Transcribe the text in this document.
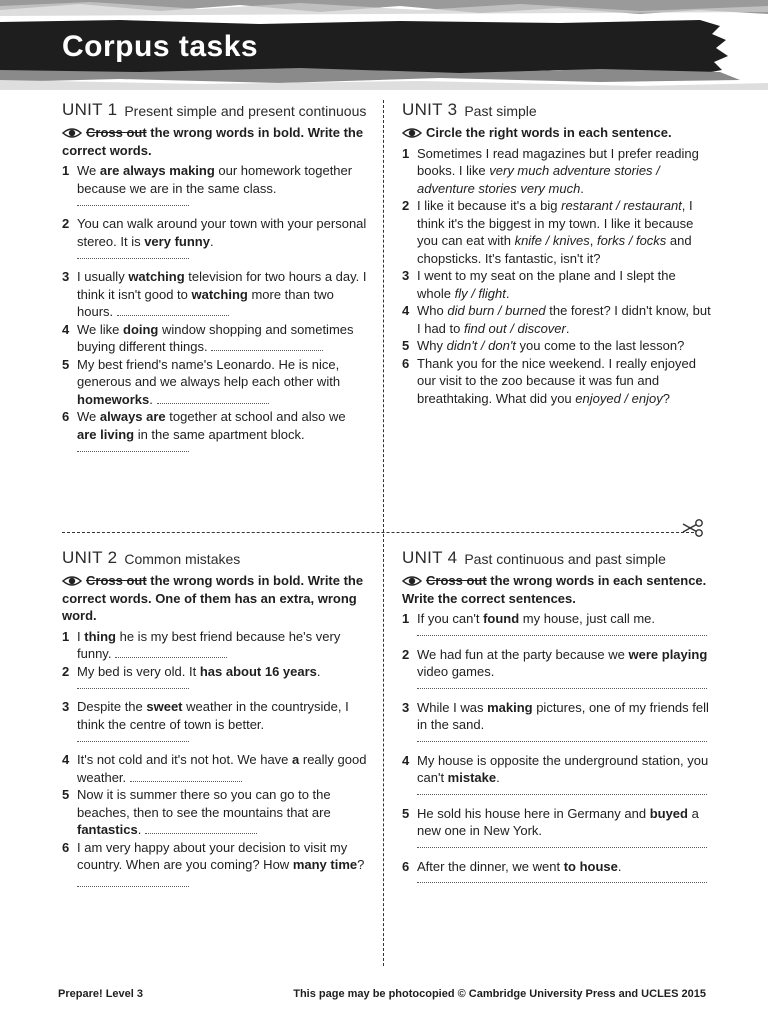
Corpus tasks
UNIT 1 Present simple and present continuous

Cross out the wrong words in bold. Write the correct words.

1 We are always making our homework together because we are in the same class.
2 You can walk around your town with your personal stereo. It is very funny.
3 I usually watching television for two hours a day. I think it isn't good to watching more than two hours.
4 We like doing window shopping and sometimes buying different things.
5 My best friend's name's Leonardo. He is nice, generous and we always help each other with homeworks.
6 We always are together at school and also we are living in the same apartment block.
UNIT 3 Past simple

Circle the right words in each sentence.

1 Sometimes I read magazines but I prefer reading books. I like very much adventure stories / adventure stories very much.
2 I like it because it's a big restarant / restaurant, I think it's the biggest in my town. I like it because you can eat with knife / knives, forks / focks and chopsticks. It's fantastic, isn't it?
3 I went to my seat on the plane and I slept the whole fly / flight.
4 Who did burn / burned the forest? I didn't know, but I had to find out / discover.
5 Why didn't / don't you come to the last lesson?
6 Thank you for the nice weekend. I really enjoyed our visit to the zoo because it was fun and breathtaking. What did you enjoyed / enjoy?
UNIT 2 Common mistakes

Cross out the wrong words in bold. Write the correct words. One of them has an extra, wrong word.

1 I thing he is my best friend because he's very funny.
2 My bed is very old. It has about 16 years.
3 Despite the sweet weather in the countryside, I think the centre of town is better.
4 It's not cold and it's not hot. We have a really good weather.
5 Now it is summer there so you can go to the beaches, then to see the mountains that are fantastics.
6 I am very happy about your decision to visit my country. When are you coming? How many time?
UNIT 4 Past continuous and past simple

Cross out the wrong words in each sentence. Write the correct sentences.

1 If you can't found my house, just call me.
2 We had fun at the party because we were playing video games.
3 While I was making pictures, one of my friends fell in the sand.
4 My house is opposite the underground station, you can't mistake.
5 He sold his house here in Germany and buyed a new one in New York.
6 After the dinner, we went to house.
Prepare! Level 3	This page may be photocopied © Cambridge University Press and UCLES 2015
